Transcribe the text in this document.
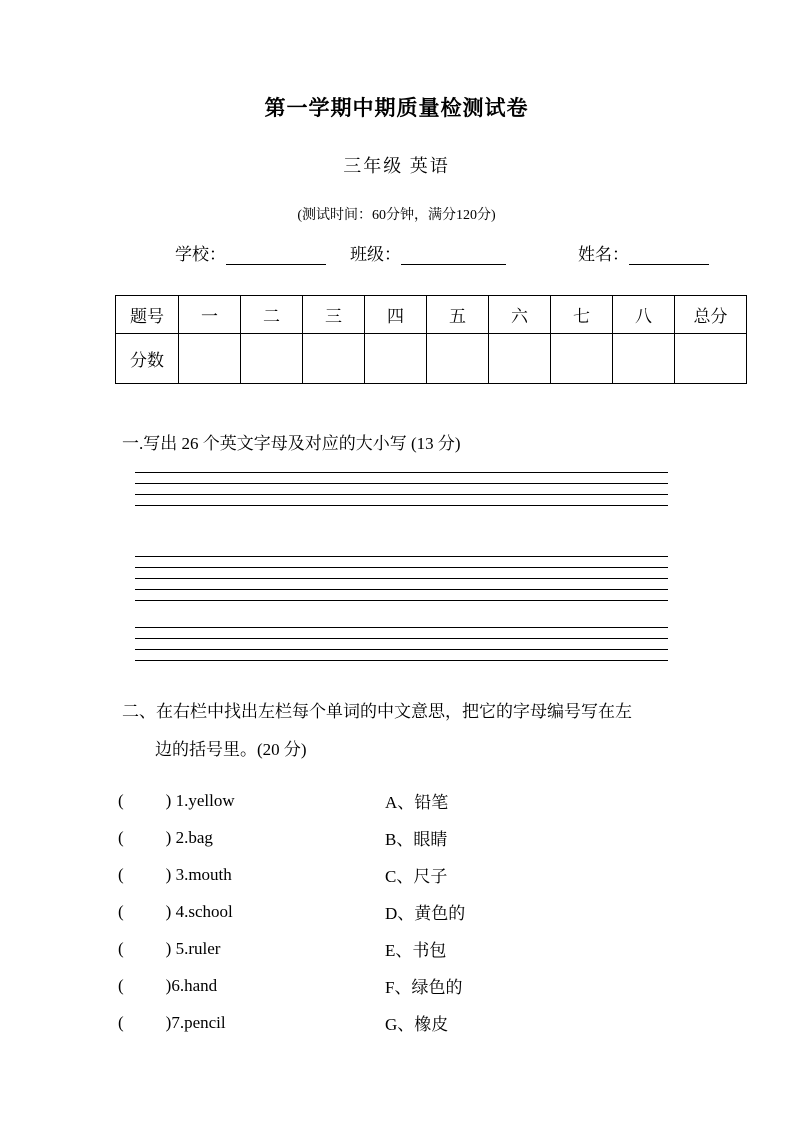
第一学期中期质量检测试卷
三年级 英语
(测试时间：60分钟，满分120分)
学校：	班级：	姓名：
题号	一	二	三	四	五	六	七	八	总分
分数									
一.写出 26 个英文字母及对应的大小写 (13 分)
二、在右栏中找出左栏每个单词的中文意思，把它的字母编号写在左
边的括号里。(20 分)
( ) 1.yellow	A、铅笔
( ) 2.bag	B、眼睛
( ) 3.mouth	C、尺子
( ) 4.school	D、黄色的
( ) 5.ruler	E、书包
( )6.hand	F、绿色的
( )7.pencil	G、橡皮
